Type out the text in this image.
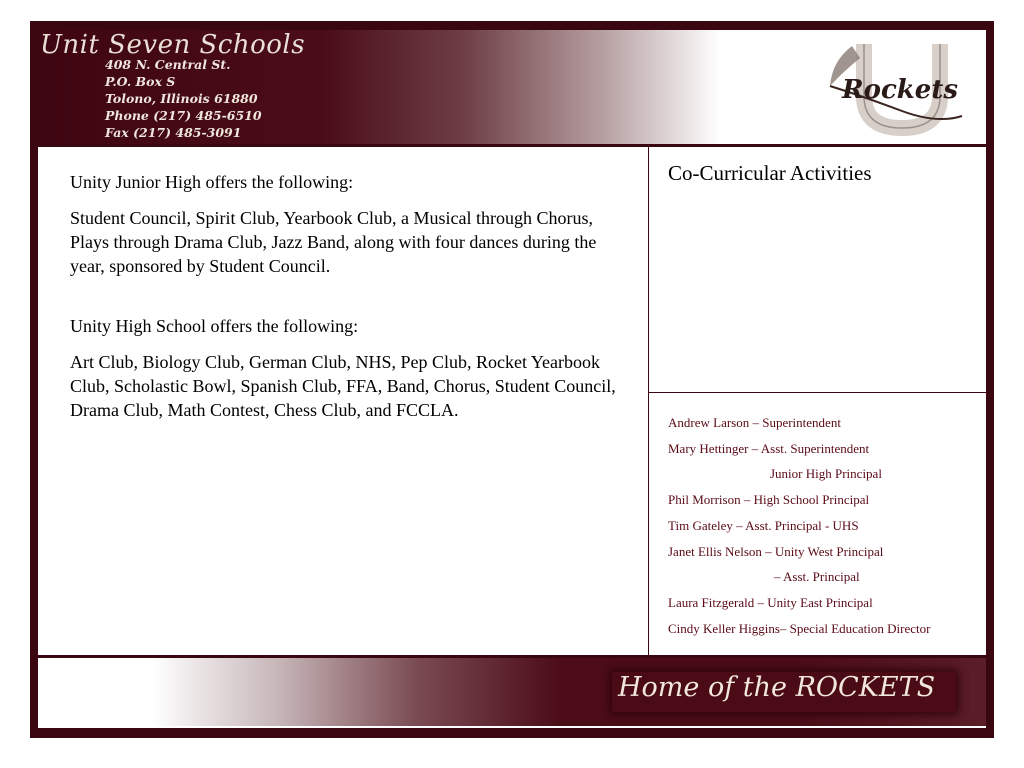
Unit Seven Schools
408 N. Central St.
P.O. Box S
Tolono, Illinois 61880
Phone (217) 485-6510
Fax (217) 485-3091
Rockets

Unity Junior High offers the following:

Student Council, Spirit Club, Yearbook Club, a Musical through Chorus, Plays through Drama Club, Jazz Band, along with four dances during the year, sponsored by Student Council.

Unity High School offers the following:

Art Club, Biology Club, German Club, NHS, Pep Club, Rocket Yearbook Club, Scholastic Bowl, Spanish Club, FFA, Band, Chorus, Student Council, Drama Club, Math Contest, Chess Club, and FCCLA.

Co-Curricular Activities
Andrew Larson – Superintendent
Mary Hettinger – Asst. Superintendent
Junior High Principal
Phil Morrison – High School Principal
Tim Gateley – Asst. Principal - UHS
Janet Ellis Nelson – Unity West Principal
– Asst. Principal
Laura Fitzgerald – Unity East Principal
Cindy Keller Higgins– Special Education Director
Home of the ROCKETS
